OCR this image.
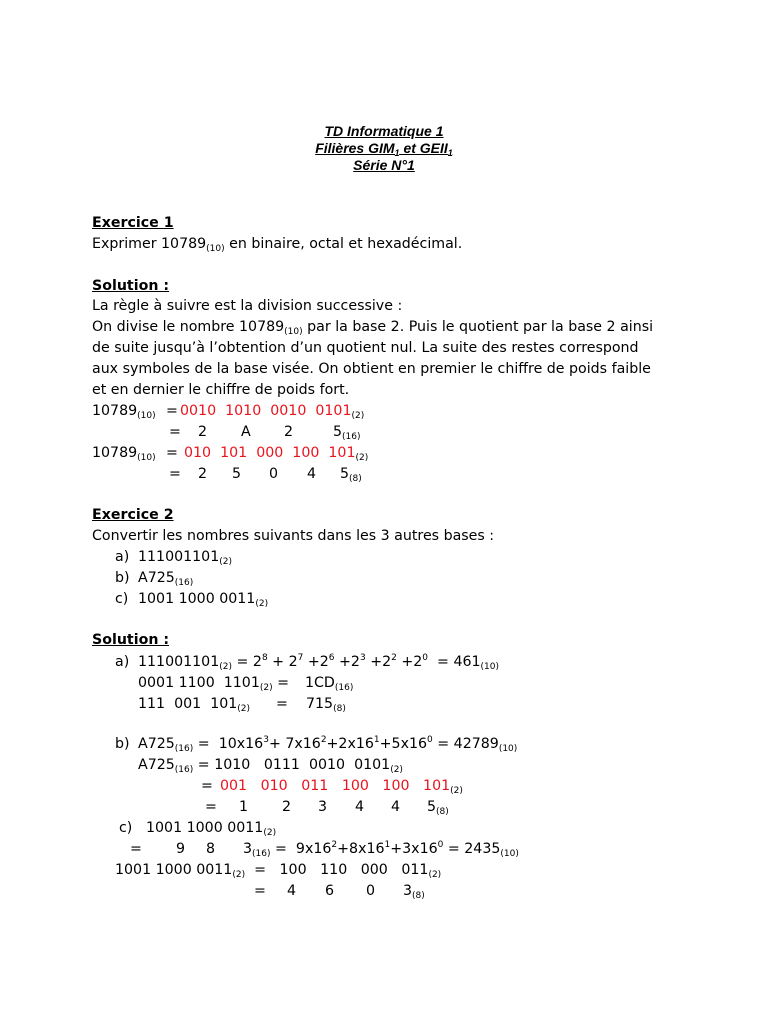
TD Informatique 1
Filières $GIM_1$ et $GEII_1$
Série N°1
Exercice 1
Exprimer $10789_{(10)}$ en binaire, octal et hexadécimal.
Solution :
La règle à suivre est la division successive :
On divise le nombre $10789_{(10)}$ par la base 2. Puis le quotient par la base 2 ainsi
de suite jusqu’à l’obtention d’un quotient nul. La suite des restes correspond
aux symboles de la base visée. On obtient en premier le chiffre de poids faible
et en dernier le chiffre de poids fort.
$10789_{(10)} = 0010$  1010  0010  $0101_{(2)}$
= 2 A 2	$5_{(16)}$
$10789_{(10)} = 010$  101  000  100  $101_{(2)}$
= 2 5 0 4 $5_{(8)}$
Exercice 2
Convertir les nombres suivants dans les 3 autres bases :
a) $111001101_{(2)}$
b) $A725_{(16)}$
c) 1001 1000 $0011_{(2)}$
Solution :
a) $111001101_{(2)} = 2^8 + 2^7 +2^6 +2^3 +2^2 +2^0 = 461_{(10)}$
0001 1100  $1101_{(2)} = 1CD_{(16)}$
111  001  $101_{(2)} = 715_{(8)}$
b) $A725_{(16)} = 10x16^3+ 7x16^2+2x16^1+5x16^0 = 42789_{(10)}$
$A725_{(16)} = 1010$   0111  0010  $0101_{(2)}$
= 001   010   011   100   100   $101_{(2)}$
= 1 2 3 4 4 $5_{(8)}$
c) 1001 1000 $0011_{(2)}$
= 9 8 $3_{(16)} = 9x16^2+8x16^1+3x16^0 = 2435_{(10)}$
1001 1000 $0011_{(2)} = 100$   110   000   $011_{(2)}$
= 4 6 0 $3_{(8)}$
